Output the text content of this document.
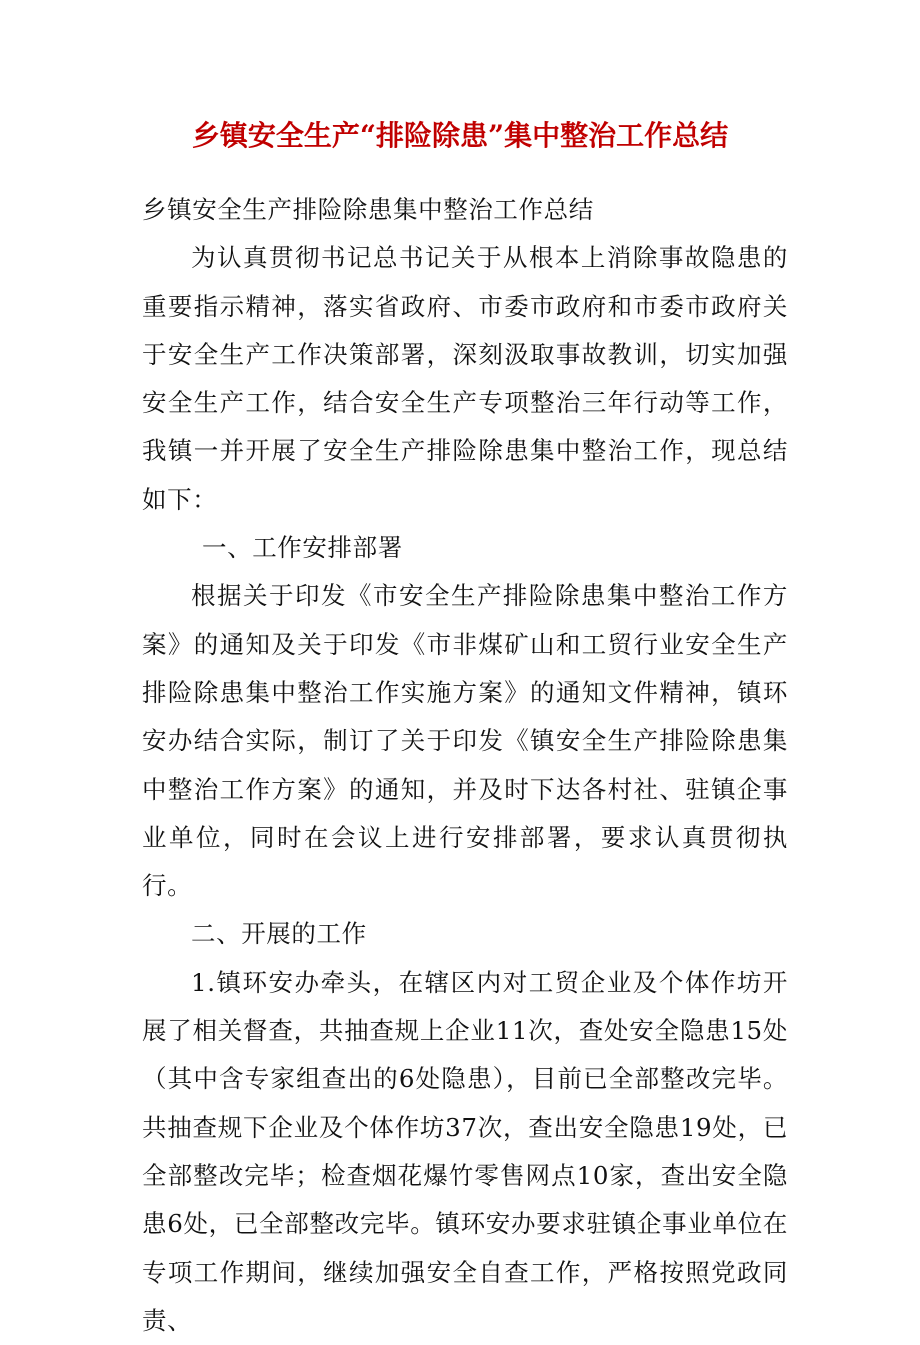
乡镇安全生产“排险除患”集中整治工作总结

乡镇安全生产排险除患集中整治工作总结

为认真贯彻书记总书记关于从根本上消除事故隐患的重要指示精神，落实省政府、市委市政府和市委市政府关于安全生产工作决策部署，深刻汲取事故教训，切实加强安全生产工作，结合安全生产专项整治三年行动等工作，我镇一并开展了安全生产排险除患集中整治工作，现总结如下：

一、工作安排部署

根据关于印发《市安全生产排险除患集中整治工作方案》的通知及关于印发《市非煤矿山和工贸行业安全生产排险除患集中整治工作实施方案》的通知文件精神，镇环安办结合实际，制订了关于印发《镇安全生产排险除患集中整治工作方案》的通知，并及时下达各村社、驻镇企事业单位，同时在会议上进行安排部署，要求认真贯彻执行。

二、开展的工作

1.镇环安办牵头，在辖区内对工贸企业及个体作坊开展了相关督查，共抽查规上企业11次，查处安全隐患15处（其中含专家组查出的6处隐患），目前已全部整改完毕。共抽查规下企业及个体作坊37次，查出安全隐患19处，已全部整改完毕；检查烟花爆竹零售网点10家，查出安全隐患6处，已全部整改完毕。镇环安办要求驻镇企事业单位在专项工作期间，继续加强安全自查工作，严格按照党政同责、
